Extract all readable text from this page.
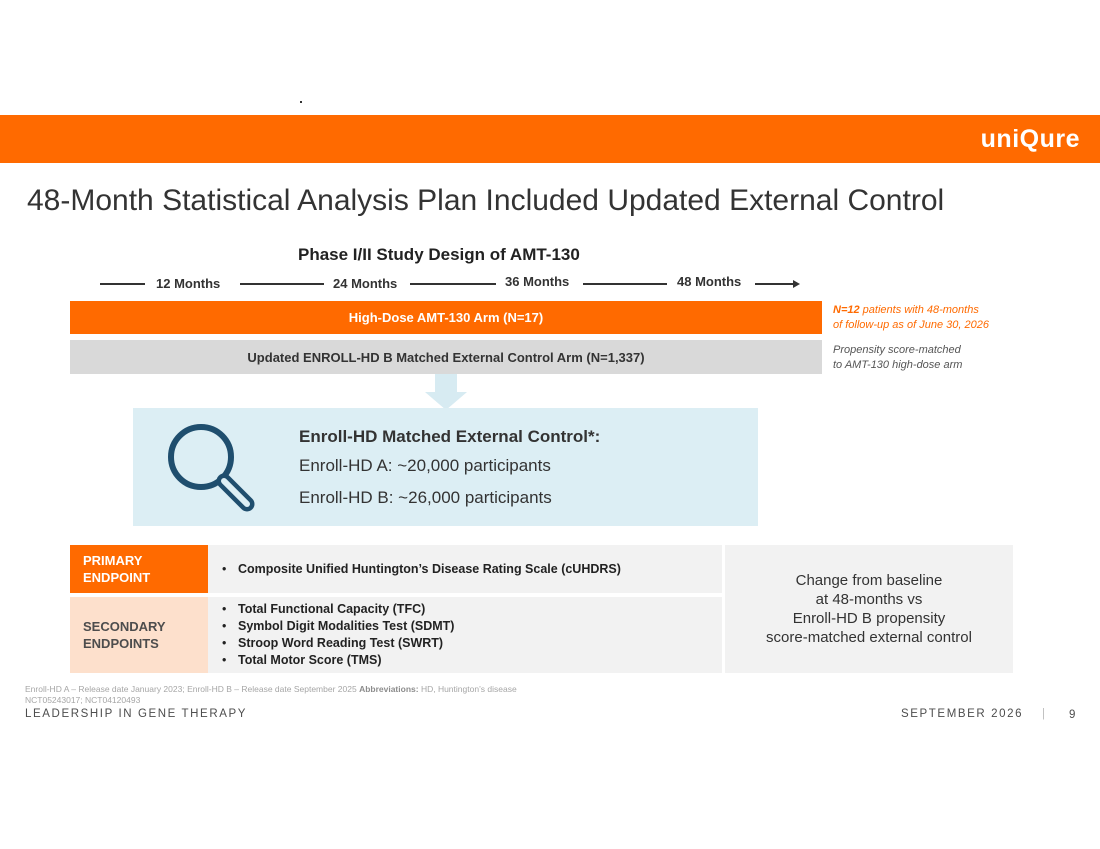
uniQure
48-Month Statistical Analysis Plan Included Updated External Control
Phase I/II Study Design of AMT-130
12 Months	24 Months	36 Months	48 Months
High-Dose AMT-130 Arm (N=17)	N=12 patients with 48-months
of follow-up as of June 30, 2026
Updated ENROLL-HD B Matched External Control Arm (N=1,337)	Propensity score-matched
to AMT-130 high-dose arm
Enroll-HD Matched External Control*:
Enroll-HD A: ~20,000 participants
Enroll-HD B: ~26,000 participants
PRIMARY
ENDPOINT
• Composite Unified Huntington’s Disease Rating Scale (cUHDRS)
SECONDARY
ENDPOINTS
• Total Functional Capacity (TFC)
• Symbol Digit Modalities Test (SDMT)
• Stroop Word Reading Test (SWRT)
• Total Motor Score (TMS)
Change from baseline
at 48-months vs
Enroll-HD B propensity
score-matched external control
Enroll-HD A – Release date January 2023; Enroll-HD B – Release date September 2025 Abbreviations: HD, Huntington’s disease
NCT05243017; NCT04120493
LEADERSHIP IN GENE THERAPY	SEPTEMBER 2026 | 9
